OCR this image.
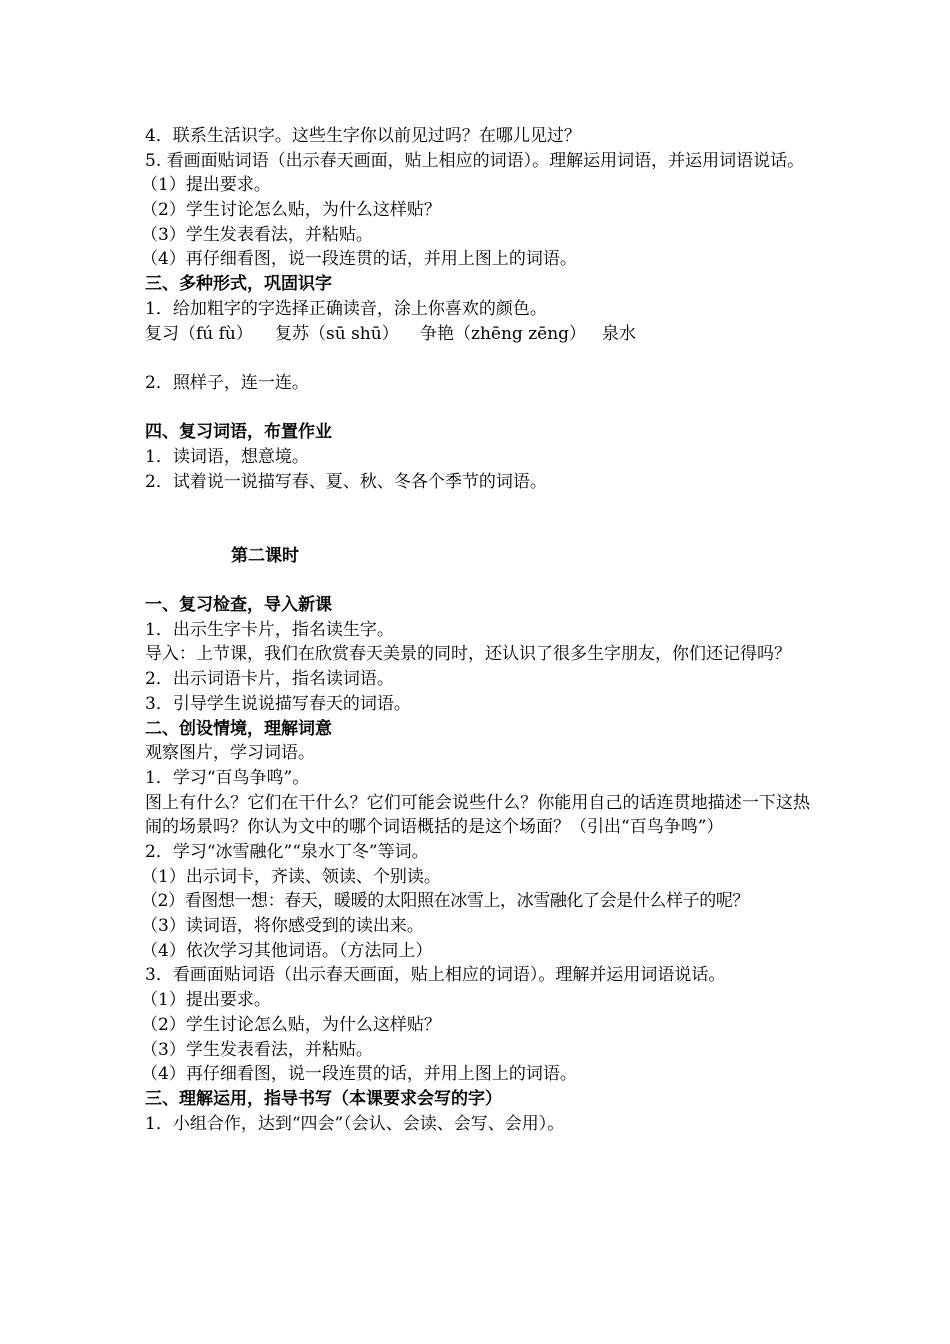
4．联系生活识字。这些生字你以前见过吗？在哪儿见过？
5. 看画面贴词语（出示春天画面，贴上相应的词语）。理解运用词语，并运用词语说话。
（1）提出要求。
（2）学生讨论怎么贴，为什么这样贴？
（3）学生发表看法，并粘贴。
（4）再仔细看图，说一段连贯的话，并用上图上的词语。
三、多种形式，巩固识字
1．给加粗字的字选择正确读音，涂上你喜欢的颜色。
复习（fú fù） 复苏（sū shū） 争艳（zhēng zēng） 泉水
2．照样子，连一连。
四、复习词语，布置作业
1．读词语，想意境。
2．试着说一说描写春、夏、秋、冬各个季节的词语。
第二课时
一、复习检查，导入新课
1．出示生字卡片，指名读生字。
导入：上节课，我们在欣赏春天美景的同时，还认识了很多生字朋友，你们还记得吗？
2．出示词语卡片，指名读词语。
3．引导学生说说描写春天的词语。
二、创设情境，理解词意
观察图片，学习词语。
1．学习“百鸟争鸣”。
图上有什么？它们在干什么？它们可能会说些什么？你能用自己的话连贯地描述一下这热闹的场景吗？你认为文中的哪个词语概括的是这个场面？（引出“百鸟争鸣”）
2．学习“冰雪融化”“泉水丁冬”等词。
（1）出示词卡，齐读、领读、个别读。
（2）看图想一想：春天，暖暖的太阳照在冰雪上，冰雪融化了会是什么样子的呢？
（3）读词语，将你感受到的读出来。
（4）依次学习其他词语。（方法同上）
3．看画面贴词语（出示春天画面，贴上相应的词语）。理解并运用词语说话。
（1）提出要求。
（2）学生讨论怎么贴，为什么这样贴？
（3）学生发表看法，并粘贴。
（4）再仔细看图，说一段连贯的话，并用上图上的词语。
三、理解运用，指导书写（本课要求会写的字）
1．小组合作，达到“四会”（会认、会读、会写、会用）。
